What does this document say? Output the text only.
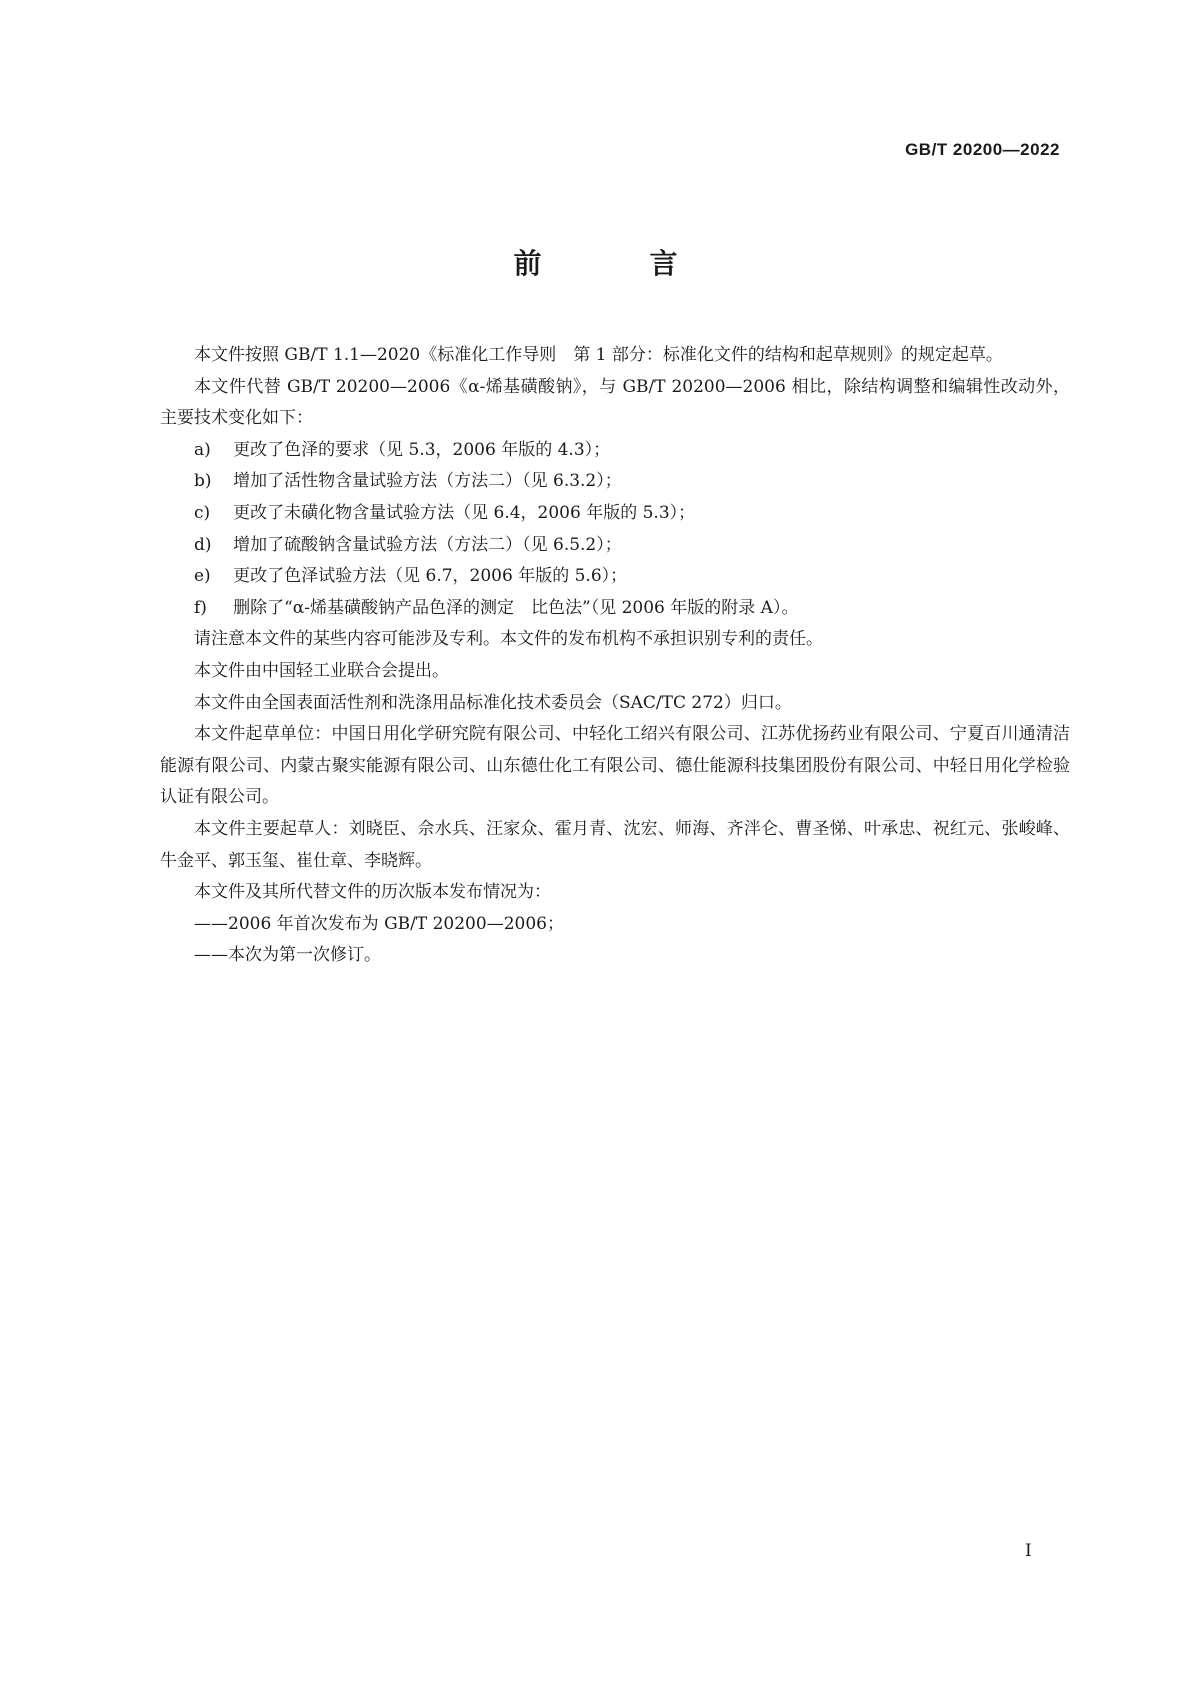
GB/T 20200—2022
前　言

本文件按照 GB/T 1.1—2020《标准化工作导则　第 1 部分：标准化文件的结构和起草规则》的规定起草。

本文件代替 GB/T 20200—2006《α-烯基磺酸钠》，与 GB/T 20200—2006 相比，除结构调整和编辑性改动外，主要技术变化如下：

a)	更改了色泽的要求（见 5.3，2006 年版的 4.3）；

b)	增加了活性物含量试验方法（方法二）（见 6.3.2）；

c)	更改了未磺化物含量试验方法（见 6.4，2006 年版的 5.3）；

d)	增加了硫酸钠含量试验方法（方法二）（见 6.5.2）；

e)	更改了色泽试验方法（见 6.7，2006 年版的 5.6）；

f)	删除了“α-烯基磺酸钠产品色泽的测定　比色法”（见 2006 年版的附录 A）。

请注意本文件的某些内容可能涉及专利。本文件的发布机构不承担识别专利的责任。

本文件由中国轻工业联合会提出。

本文件由全国表面活性剂和洗涤用品标准化技术委员会（SAC/TC 272）归口。

本文件起草单位：中国日用化学研究院有限公司、中轻化工绍兴有限公司、江苏优扬药业有限公司、宁夏百川通清洁能源有限公司、内蒙古聚实能源有限公司、山东德仕化工有限公司、德仕能源科技集团股份有限公司、中轻日用化学检验认证有限公司。

本文件主要起草人：刘晓臣、佘水兵、汪家众、霍月青、沈宏、师海、齐泮仑、曹圣悌、叶承忠、祝红元、张峻峰、牛金平、郭玉玺、崔仕章、李晓辉。

本文件及其所代替文件的历次版本发布情况为：

——2006 年首次发布为 GB/T 20200—2006；

——本次为第一次修订。

I
